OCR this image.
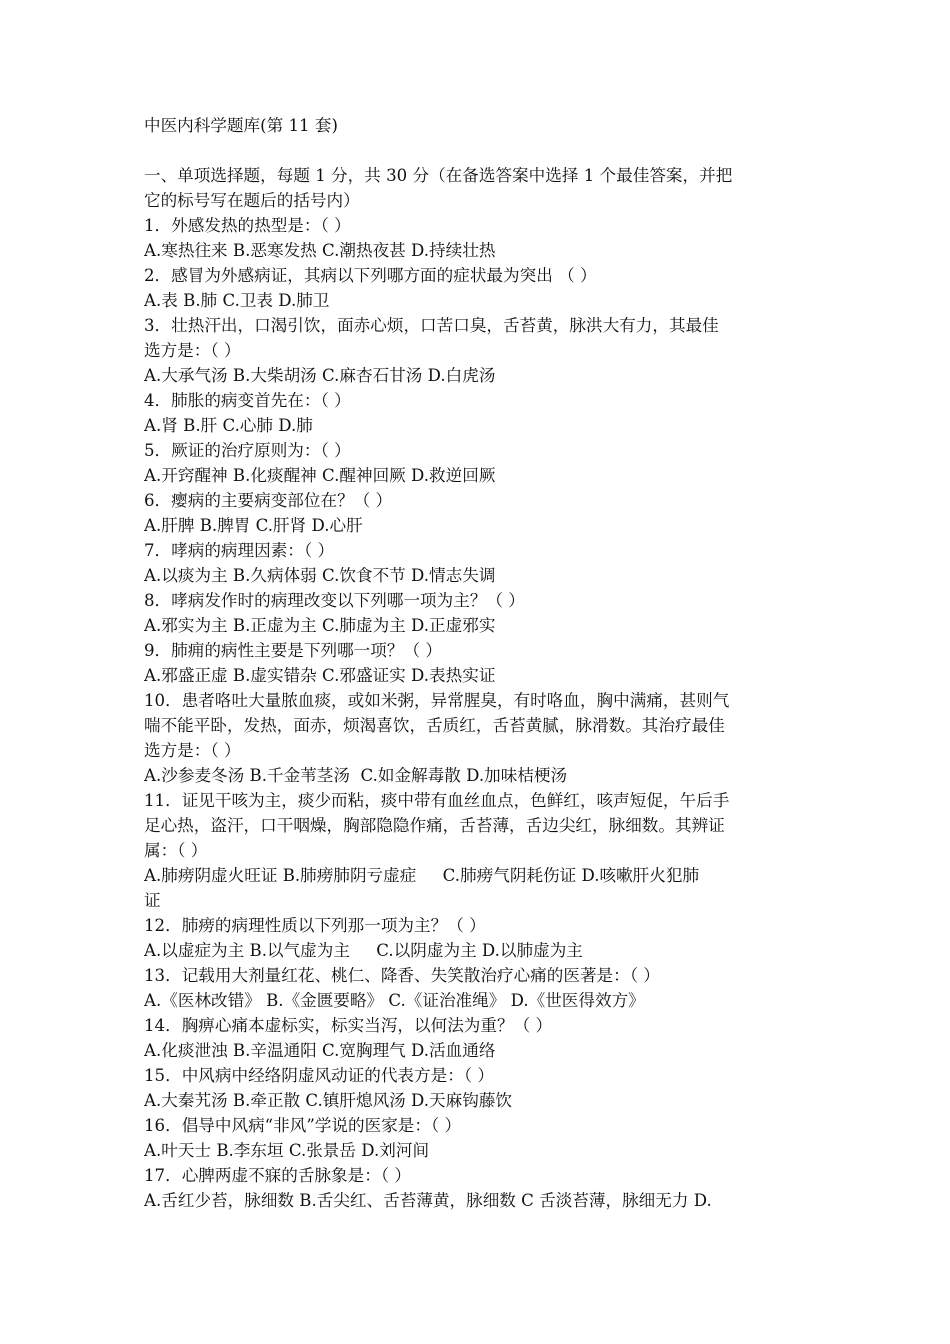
中医内科学题库(第 11 套)
一、单项选择题，每题 1 分，共 30 分（在备选答案中选择 1 个最佳答案，并把
它的标号写在题后的括号内）
1．外感发热的热型是：（ ）
A.寒热往来 B.恶寒发热 C.潮热夜甚 D.持续壮热
2．感冒为外感病证，其病以下列哪方面的症状最为突出 （ ）
A.表 B.肺 C.卫表 D.肺卫
3．壮热汗出，口渴引饮，面赤心烦，口苦口臭，舌苔黄，脉洪大有力，其最佳
选方是：（ ）
A.大承气汤 B.大柴胡汤 C.麻杏石甘汤 D.白虎汤
4．肺胀的病变首先在：（ ）
A.肾 B.肝 C.心肺 D.肺
5．厥证的治疗原则为：（ ）
A.开窍醒神 B.化痰醒神 C.醒神回厥 D.救逆回厥
6．瘿病的主要病变部位在？（ ）
A.肝脾 B.脾胃 C.肝肾 D.心肝
7．哮病的病理因素：（ ）
A.以痰为主 B.久病体弱 C.饮食不节 D.情志失调
8．哮病发作时的病理改变以下列哪一项为主？（ ）
A.邪实为主 B.正虚为主 C.肺虚为主 D.正虚邪实
9．肺痈的病性主要是下列哪一项？（ ）
A.邪盛正虚 B.虚实错杂 C.邪盛证实 D.表热实证
10．患者咯吐大量脓血痰，或如米粥，异常腥臭，有时咯血，胸中满痛，甚则气
喘不能平卧，发热，面赤，烦渴喜饮，舌质红，舌苔黄腻，脉滑数。其治疗最佳
选方是：（ ）
A.沙参麦冬汤 B.千金苇茎汤  C.如金解毒散 D.加味桔梗汤
11．证见干咳为主，痰少而粘，痰中带有血丝血点，色鲜红，咳声短促，午后手
足心热，盗汗，口干咽燥，胸部隐隐作痛，舌苔薄，舌边尖红，脉细数。其辨证
属：（ ）
A.肺痨阴虚火旺证 B.肺痨肺阴亏虚症     C.肺痨气阴耗伤证 D.咳嗽肝火犯肺
证
12．肺痨的病理性质以下列那一项为主？（ ）
A.以虚症为主 B.以气虚为主     C.以阴虚为主 D.以肺虚为主
13．记载用大剂量红花、桃仁、降香、失笑散治疗心痛的医著是：（ ）
A.《医林改错》 B.《金匮要略》 C.《证治准绳》 D.《世医得效方》
14．胸痹心痛本虚标实，标实当泻，以何法为重？（ ）
A.化痰泄浊 B.辛温通阳 C.宽胸理气 D.活血通络
15．中风病中经络阴虚风动证的代表方是：（ ）
A.大秦艽汤 B.牵正散 C.镇肝熄风汤 D.天麻钩藤饮
16．倡导中风病“非风”学说的医家是：（ ）
A.叶天士 B.李东垣 C.张景岳 D.刘河间
17．心脾两虚不寐的舌脉象是：（ ）
A.舌红少苔，脉细数 B.舌尖红、舌苔薄黄，脉细数 C 舌淡苔薄，脉细无力 D.
